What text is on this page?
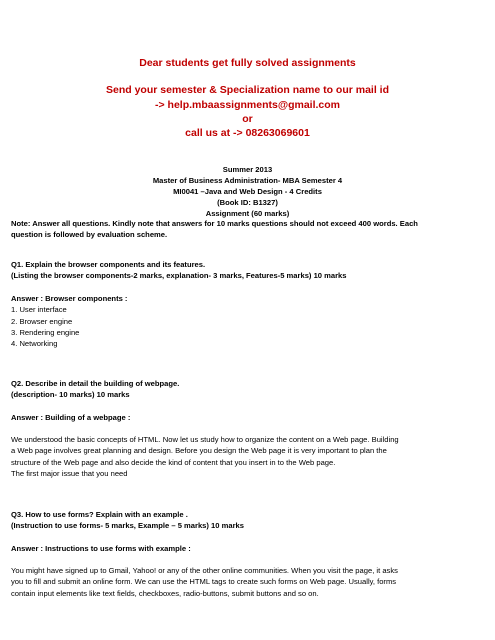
Dear students get fully solved assignments
Send your semester & Specialization name to our mail id
-> help.mbaassignments@gmail.com
or
call us at -> 08263069601
Summer 2013
Master of Business Administration- MBA Semester 4
MI0041 –Java and Web Design - 4 Credits
(Book ID: B1327)
Assignment (60 marks)

Note: Answer all questions. Kindly note that answers for 10 marks questions should not exceed 400 words. Each

question is followed by evaluation scheme.

Q1. Explain the browser components and its features.

(Listing the browser components-2 marks, explanation- 3 marks, Features-5 marks) 10 marks

Answer : Browser components :

1. User interface

2. Browser engine

3. Rendering engine

4. Networking

Q2. Describe in detail the building of webpage.

(description- 10 marks) 10 marks

Answer : Building of a webpage :

We understood the basic concepts of HTML. Now let us study how to organize the content on a Web page. Building

a Web page involves great planning and design. Before you design the Web page it is very important to plan the

structure of the Web page and also decide the kind of content that you insert in to the Web page.

The first major issue that you need

Q3. How to use forms? Explain with an example .

(Instruction to use forms- 5 marks, Example – 5 marks) 10 marks

Answer : Instructions to use forms with example :

You might have signed up to Gmail, Yahoo! or any of the other online communities. When you visit the page, it asks

you to fill and submit an online form. We can use the HTML tags to create such forms on Web page. Usually, forms

contain input elements like text fields, checkboxes, radio-buttons, submit buttons and so on.
